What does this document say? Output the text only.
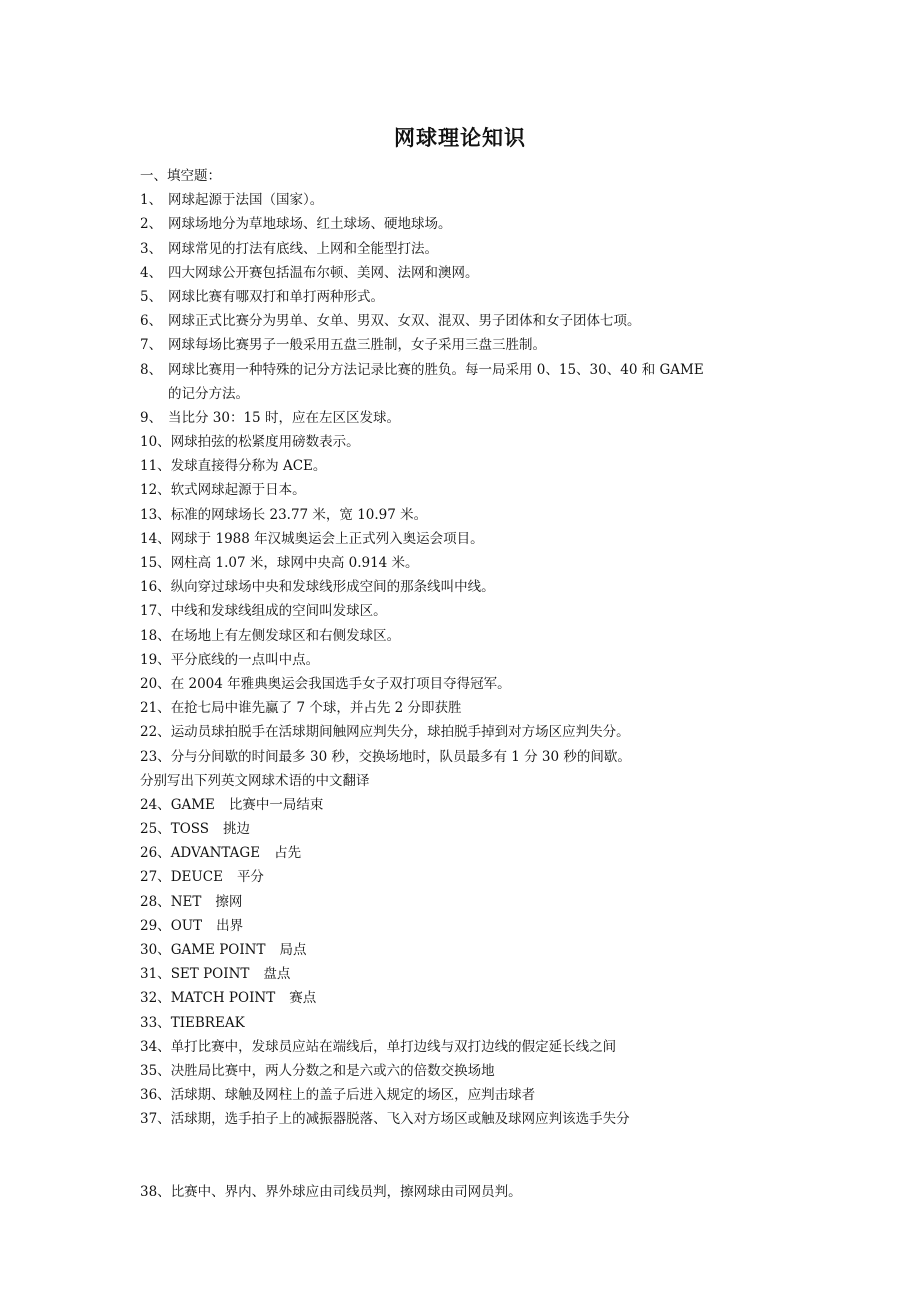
网球理论知识
一、填空题：
1、 网球起源于法国（国家）。
2、 网球场地分为草地球场、红土球场、硬地球场。
3、 网球常见的打法有底线、上网和全能型打法。
4、 四大网球公开赛包括温布尔顿、美网、法网和澳网。
5、 网球比赛有哪双打和单打两种形式。
6、 网球正式比赛分为男单、女单、男双、女双、混双、男子团体和女子团体七项。
7、 网球每场比赛男子一般采用五盘三胜制，女子采用三盘三胜制。
8、 网球比赛用一种特殊的记分方法记录比赛的胜负。每一局采用 0、15、30、40 和 GAME
的记分方法。
9、 当比分 30：15 时，应在左区区发球。
10、 网球拍弦的松紧度用磅数表示。
11、 发球直接得分称为 ACE。
12、 软式网球起源于日本。
13、 标准的网球场长 23.77 米，宽 10.97 米。
14、 网球于 1988 年汉城奥运会上正式列入奥运会项目。
15、 网柱高 1.07 米，球网中央高 0.914 米。
16、 纵向穿过球场中央和发球线形成空间的那条线叫中线。
17、 中线和发球线组成的空间叫发球区。
18、 在场地上有左侧发球区和右侧发球区。
19、 平分底线的一点叫中点。
20、 在 2004 年雅典奥运会我国选手女子双打项目夺得冠军。
21、 在抢七局中谁先赢了 7 个球，并占先 2 分即获胜
22、 运动员球拍脱手在活球期间触网应判失分，球拍脱手掉到对方场区应判失分。
23、 分与分间歇的时间最多 30 秒，交换场地时，队员最多有 1 分 30 秒的间歇。
分别写出下列英文网球术语的中文翻译
24、GAME 比赛中一局结束
25、TOSS 挑边
26、ADVANTAGE 占先
27、DEUCE 平分
28、NET 擦网
29、OUT 出界
30、GAME POINT 局点
31、SET POINT 盘点
32、MATCH POINT 赛点
33、TIEBREAK
34、单打比赛中，发球员应站在端线后，单打边线与双打边线的假定延长线之间
35、决胜局比赛中，两人分数之和是六或六的倍数交换场地
36、活球期、球触及网柱上的盖子后进入规定的场区，应判击球者
37、活球期，选手拍子上的减振器脱落、飞入对方场区或触及球网应判该选手失分
38、比赛中、界内、界外球应由司线员判，擦网球由司网员判。
